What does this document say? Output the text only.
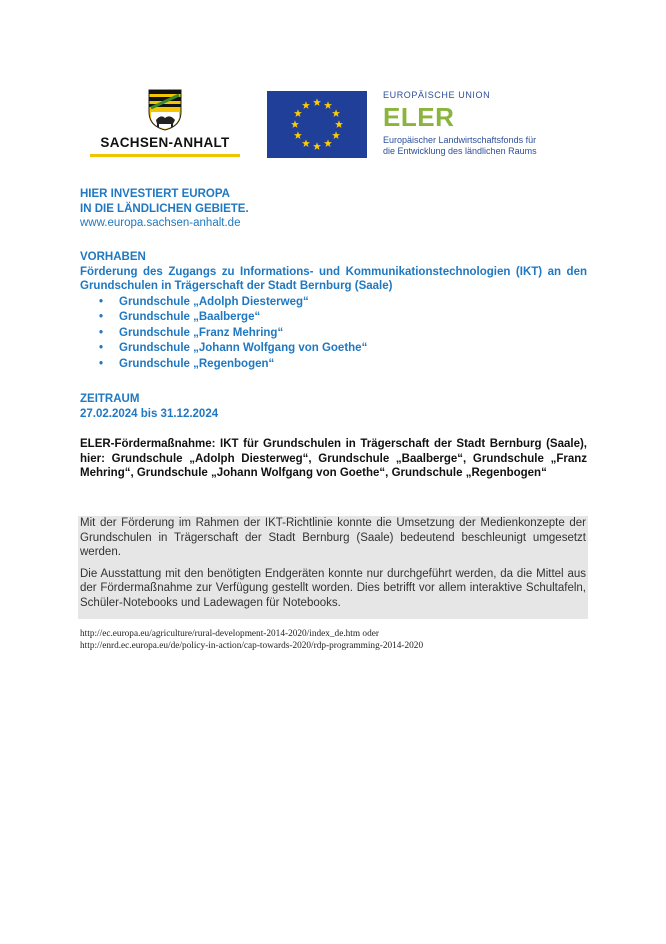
SACHSEN-ANHALT
EUROPÄISCHE UNION
ELER
Europäischer Landwirtschaftsfonds für
die Entwicklung des ländlichen Raums
HIER INVESTIERT EUROPA
IN DIE LÄNDLICHEN GEBIETE.
www.europa.sachsen-anhalt.de
VORHABEN
Förderung des Zugangs zu Informations- und Kommunikationstechnologien (IKT) an den Grundschulen in Trägerschaft der Stadt Bernburg (Saale)
• Grundschule „Adolph Diesterweg“
• Grundschule „Baalberge“
• Grundschule „Franz Mehring“
• Grundschule „Johann Wolfgang von Goethe“
• Grundschule „Regenbogen“
ZEITRAUM
27.02.2024 bis 31.12.2024
ELER-Fördermaßnahme: IKT für Grundschulen in Trägerschaft der Stadt Bernburg (Saale), hier: Grundschule „Adolph Diesterweg“, Grundschule „Baalberge“, Grundschule „Franz Mehring“, Grundschule „Johann Wolfgang von Goethe“, Grundschule „Regenbogen“

Mit der Förderung im Rahmen der IKT-Richtlinie konnte die Umsetzung der Medienkonzepte der Grundschulen in Trägerschaft der Stadt Bernburg (Saale) bedeutend beschleunigt umgesetzt werden.

Die Ausstattung mit den benötigten Endgeräten konnte nur durchgeführt werden, da die Mittel aus der Fördermaßnahme zur Verfügung gestellt worden. Dies betrifft vor allem interaktive Schultafeln, Schüler-Notebooks und Ladewagen für Notebooks.

http://ec.europa.eu/agriculture/rural-development-2014-2020/index_de.htm oder
http://enrd.ec.europa.eu/de/policy-in-action/cap-towards-2020/rdp-programming-2014-2020
